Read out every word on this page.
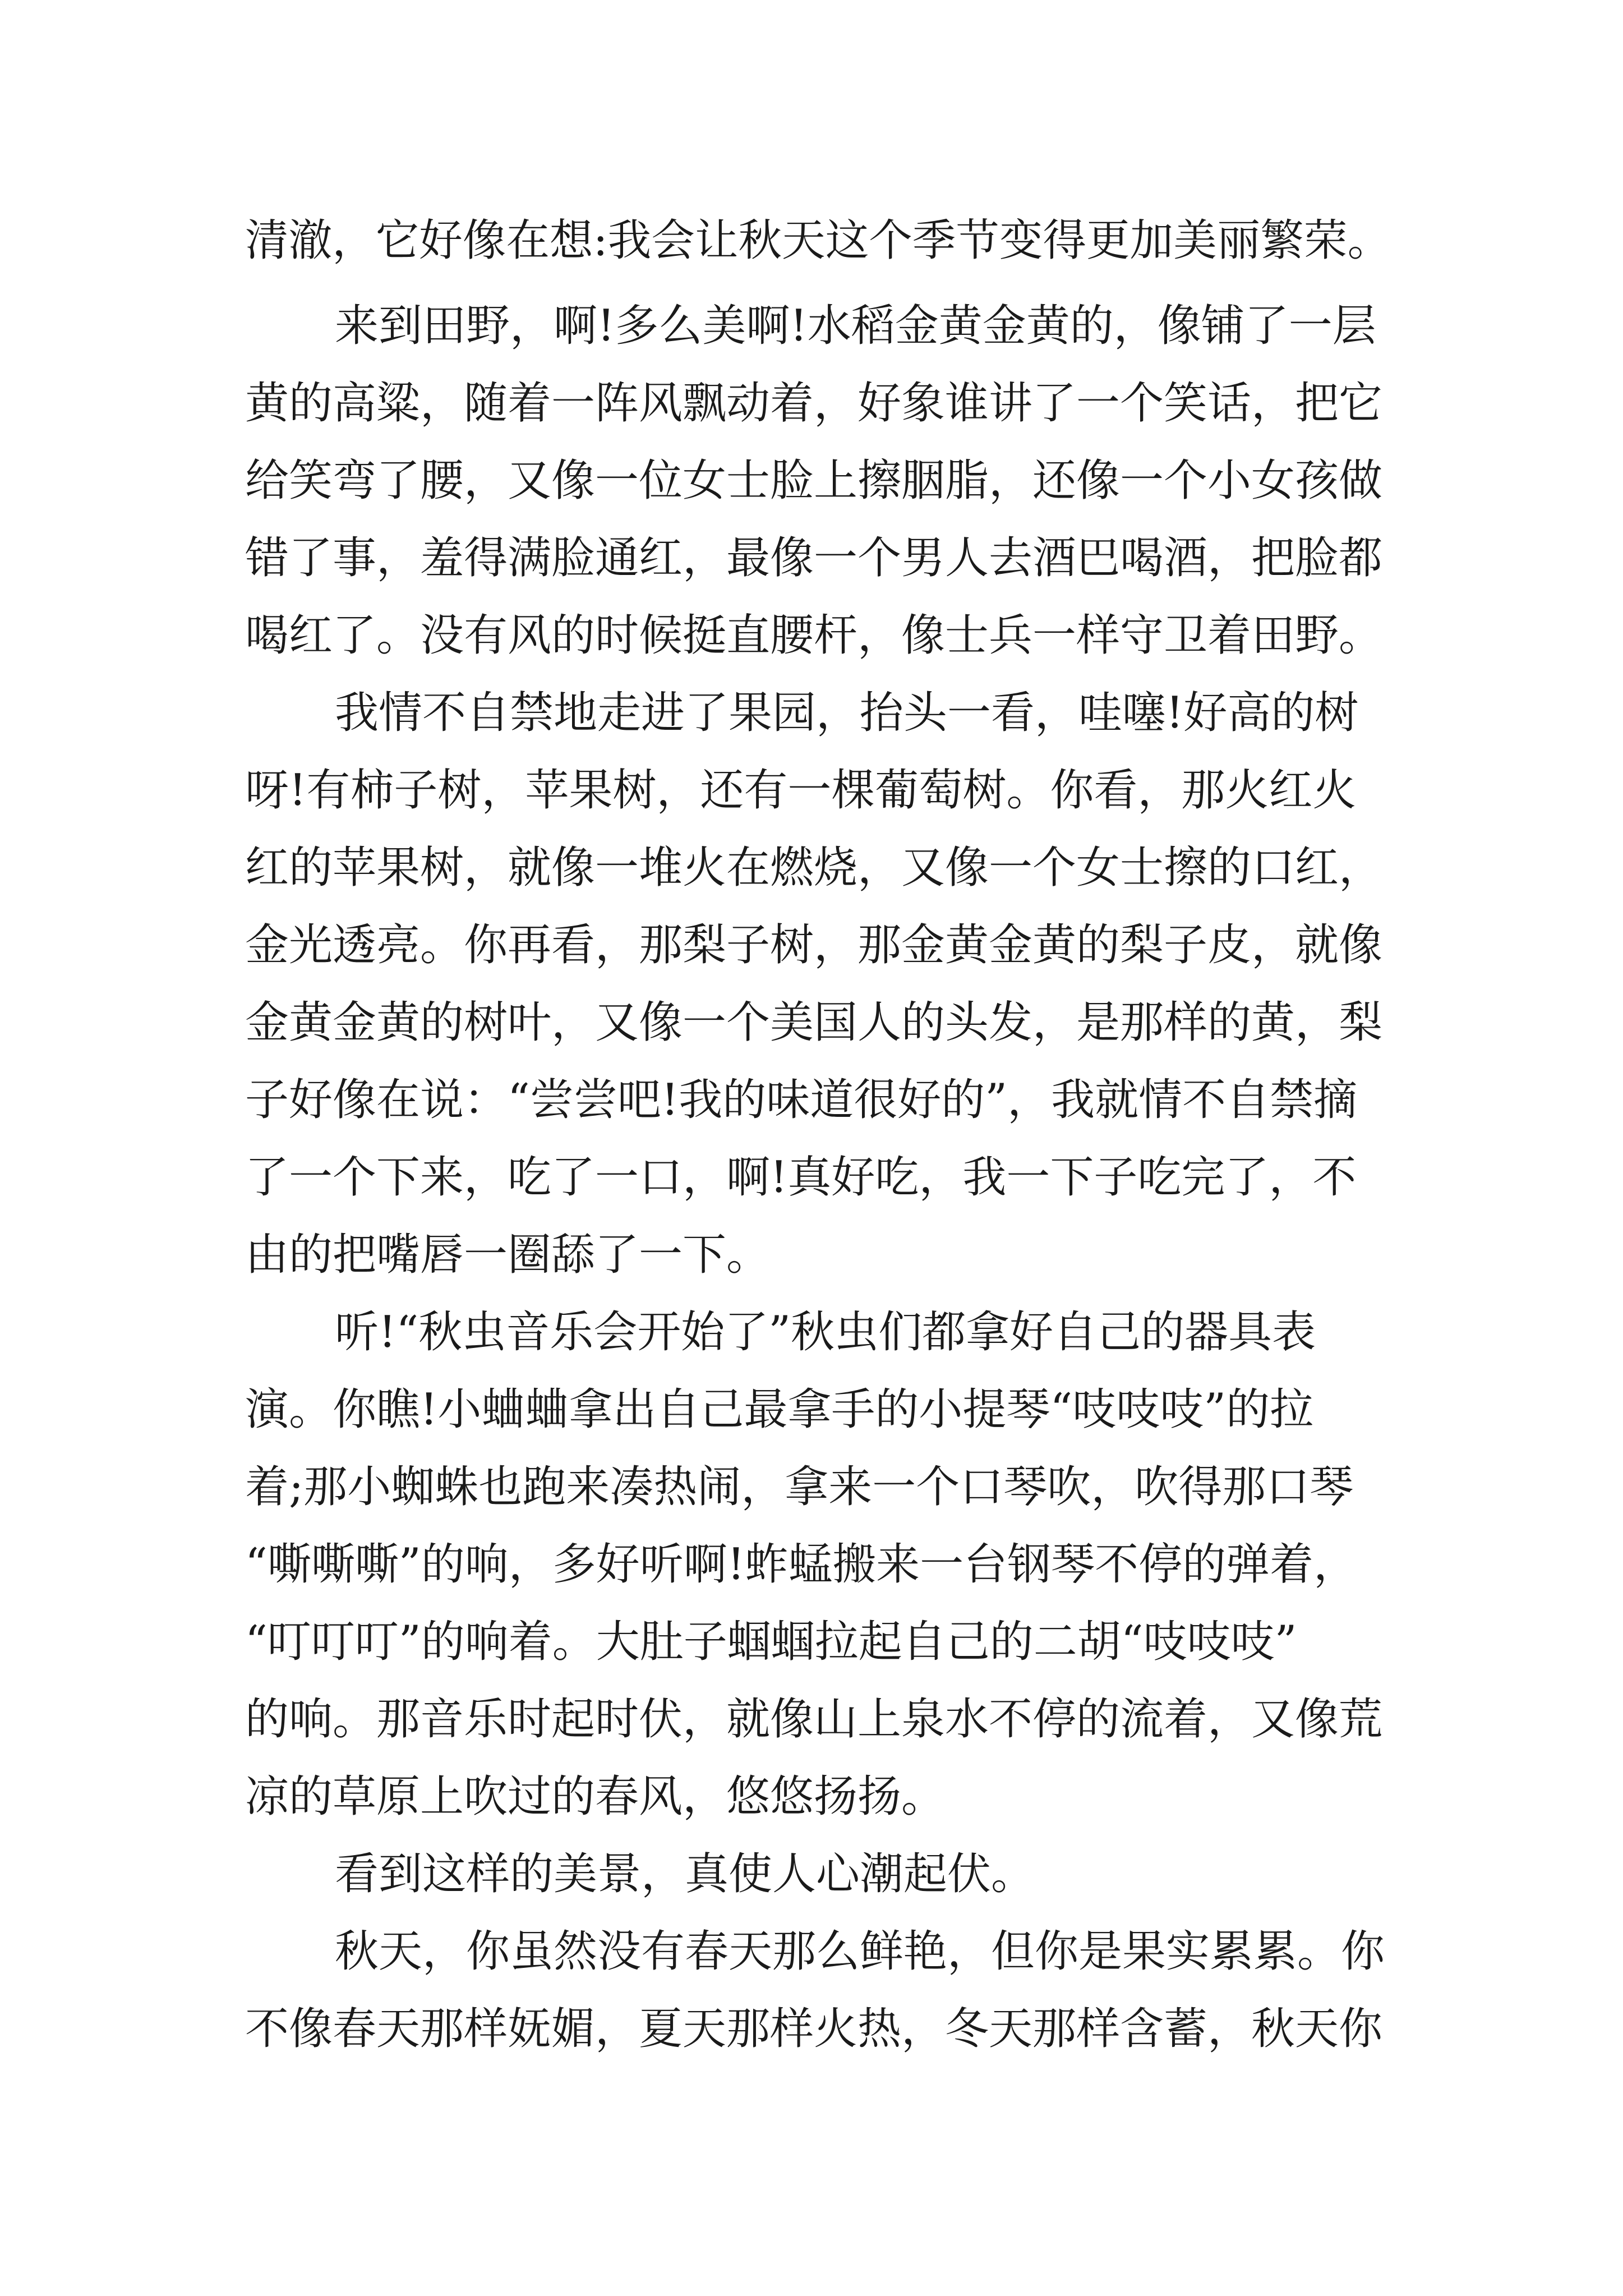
清澈，它好像在想:我会让秋天这个季节变得更加美丽繁荣。

来到田野，啊!多么美啊!水稻金黄金黄的，像铺了一层

黄的高粱，随着一阵风飘动着，好象谁讲了一个笑话，把它

给笑弯了腰，又像一位女士脸上擦胭脂，还像一个小女孩做

错了事，羞得满脸通红，最像一个男人去酒巴喝酒，把脸都

喝红了。没有风的时候挺直腰杆，像士兵一样守卫着田野。

我情不自禁地走进了果园，抬头一看，哇噻!好高的树

呀!有柿子树，苹果树，还有一棵葡萄树。你看，那火红火

红的苹果树，就像一堆火在燃烧，又像一个女士擦的口红，

金光透亮。你再看，那梨子树，那金黄金黄的梨子皮，就像

金黄金黄的树叶，又像一个美国人的头发，是那样的黄，梨

子好像在说：“尝尝吧!我的味道很好的”，我就情不自禁摘

了一个下来，吃了一口，啊!真好吃，我一下子吃完了，不

由的把嘴唇一圈舔了一下。

听!“秋虫音乐会开始了”秋虫们都拿好自己的器具表

演。你瞧!小蛐蛐拿出自己最拿手的小提琴“吱吱吱”的拉

着;那小蜘蛛也跑来凑热闹，拿来一个口琴吹，吹得那口琴

“嘶嘶嘶”的响，多好听啊!蚱蜢搬来一台钢琴不停的弹着，

“叮叮叮”的响着。大肚子蝈蝈拉起自己的二胡“吱吱吱”

的响。那音乐时起时伏，就像山上泉水不停的流着，又像荒

凉的草原上吹过的春风，悠悠扬扬。

看到这样的美景，真使人心潮起伏。

秋天，你虽然没有春天那么鲜艳，但你是果实累累。你

不像春天那样妩媚，夏天那样火热，冬天那样含蓄，秋天你
